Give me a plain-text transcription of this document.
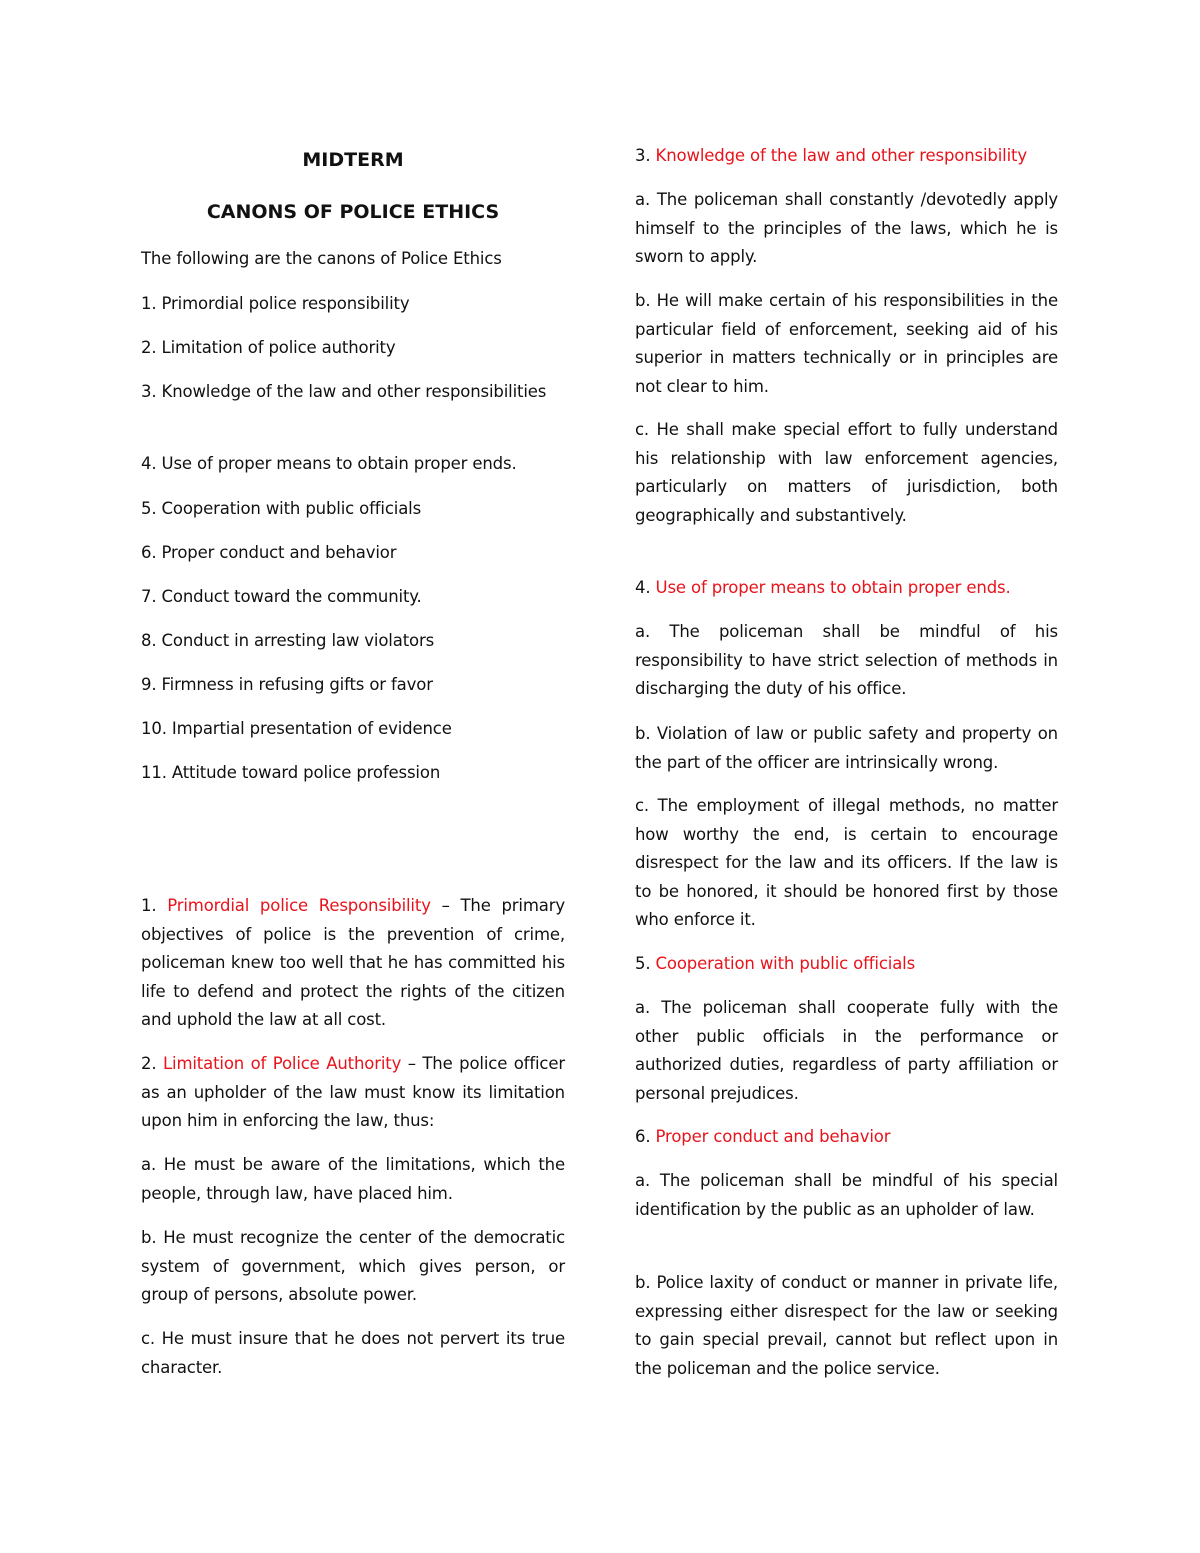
MIDTERM

CANONS OF POLICE ETHICS

The following are the canons of Police Ethics

1. Primordial police responsibility

2. Limitation of police authority

3. Knowledge of the law and other responsibilities

4. Use of proper means to obtain proper ends.

5. Cooperation with public officials

6. Proper conduct and behavior

7. Conduct toward the community.

8. Conduct in arresting law violators

9. Firmness in refusing gifts or favor

10. Impartial presentation of evidence

11. Attitude toward police profession

1. Primordial police Responsibility – The primary objectives of police is the prevention of crime, policeman knew too well that he has committed his life to defend and protect the rights of the citizen and uphold the law at all cost.

2. Limitation of Police Authority – The police officer as an upholder of the law must know its limitation upon him in enforcing the law, thus:

a. He must be aware of the limitations, which the people, through law, have placed him.

b. He must recognize the center of the democratic system of government, which gives person, or group of persons, absolute power.

c. He must insure that he does not pervert its true character.

3. Knowledge of the law and other responsibility

a. The policeman shall constantly /devotedly apply himself to the principles of the laws, which he is sworn to apply.

b. He will make certain of his responsibilities in the particular field of enforcement, seeking aid of his superior in matters technically or in principles are not clear to him.

c. He shall make special effort to fully understand his relationship with law enforcement agencies, particularly on matters of jurisdiction, both geographically and substantively.

4. Use of proper means to obtain proper ends.

a. The policeman shall be mindful of his responsibility to have strict selection of methods in discharging the duty of his office.

b. Violation of law or public safety and property on the part of the officer are intrinsically wrong.

c. The employment of illegal methods, no matter how worthy the end, is certain to encourage disrespect for the law and its officers. If the law is to be honored, it should be honored first by those who enforce it.

5. Cooperation with public officials

a. The policeman shall cooperate fully with the other public officials in the performance or authorized duties, regardless of party affiliation or personal prejudices.

6. Proper conduct and behavior

a. The policeman shall be mindful of his special identification by the public as an upholder of law.

b. Police laxity of conduct or manner in private life, expressing either disrespect for the law or seeking to gain special prevail, cannot but reflect upon in the policeman and the police service.
